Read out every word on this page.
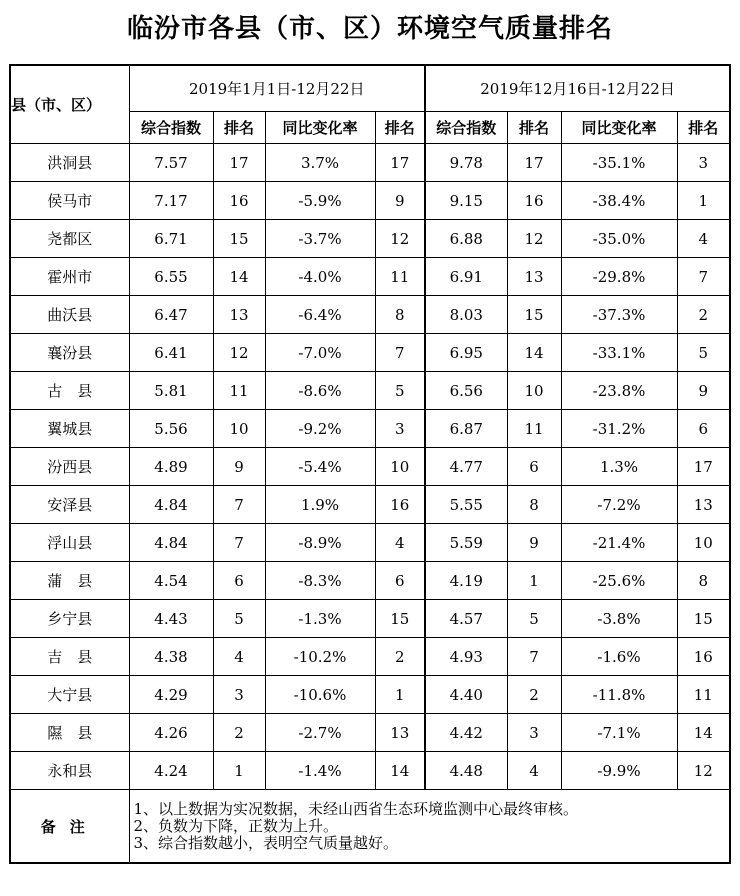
临汾市各县（市、区）环境空气质量排名
县（市、区）	2019年1月1日-12月22日				2019年12月16日-12月22日			
	综合指数	排名	同比变化率	排名	综合指数	排名	同比变化率	排名
洪洞县	7.57	17	3.7%	17	9.78	17	-35.1%	3
侯马市	7.17	16	-5.9%	9	9.15	16	-38.4%	1
尧都区	6.71	15	-3.7%	12	6.88	12	-35.0%	4
霍州市	6.55	14	-4.0%	11	6.91	13	-29.8%	7
曲沃县	6.47	13	-6.4%	8	8.03	15	-37.3%	2
襄汾县	6.41	12	-7.0%	7	6.95	14	-33.1%	5
古　县	5.81	11	-8.6%	5	6.56	10	-23.8%	9
翼城县	5.56	10	-9.2%	3	6.87	11	-31.2%	6
汾西县	4.89	9	-5.4%	10	4.77	6	1.3%	17
安泽县	4.84	7	1.9%	16	5.55	8	-7.2%	13
浮山县	4.84	7	-8.9%	4	5.59	9	-21.4%	10
蒲　县	4.54	6	-8.3%	6	4.19	1	-25.6%	8
乡宁县	4.43	5	-1.3%	15	4.57	5	-3.8%	15
吉　县	4.38	4	-10.2%	2	4.93	7	-1.6%	16
大宁县	4.29	3	-10.6%	1	4.40	2	-11.8%	11
隰　县	4.26	2	-2.7%	13	4.42	3	-7.1%	14
永和县	4.24	1	-1.4%	14	4.48	4	-9.9%	12
备注	1、以上数据为实况数据，未经山西省生态环境监测中心最终审核。
2、负数为下降，正数为上升。
3、综合指数越小，表明空气质量越好。							
